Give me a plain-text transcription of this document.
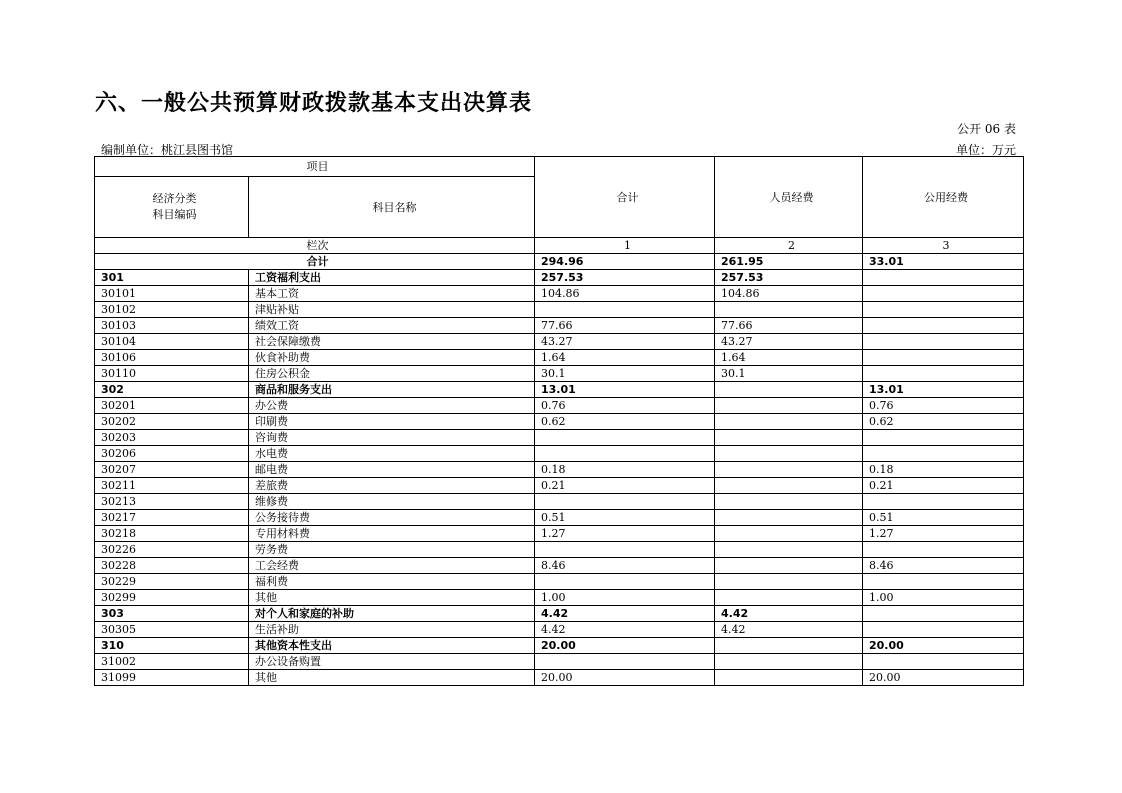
六、一般公共预算财政拨款基本支出决算表
公开 06 表
编制单位：桃江县图书馆	单位：万元
项目		合计	人员经费	公用经费

经济分类
科目编码	科目名称			
栏次		1	2	3
合计		294.96	261.95	33.01
301	工资福利支出	257.53	257.53	
30101	基本工资	104.86	104.86	
30102	津贴补贴			
30103	绩效工资	77.66	77.66	
30104	社会保障缴费	43.27	43.27	
30106	伙食补助费	1.64	1.64	
30110	住房公积金	30.1	30.1	
302	商品和服务支出	13.01		13.01
30201	办公费	0.76		0.76
30202	印刷费	0.62		0.62
30203	咨询费			
30206	水电费			
30207	邮电费	0.18		0.18
30211	差旅费	0.21		0.21
30213	维修费			
30217	公务接待费	0.51		0.51
30218	专用材料费	1.27		1.27
30226	劳务费			
30228	工会经费	8.46		8.46
30229	福利费			
30299	其他	1.00		1.00
303	对个人和家庭的补助	4.42	4.42	
30305	生活补助	4.42	4.42	
310	其他资本性支出	20.00		20.00
31002	办公设备购置			
31099	其他	20.00		20.00
